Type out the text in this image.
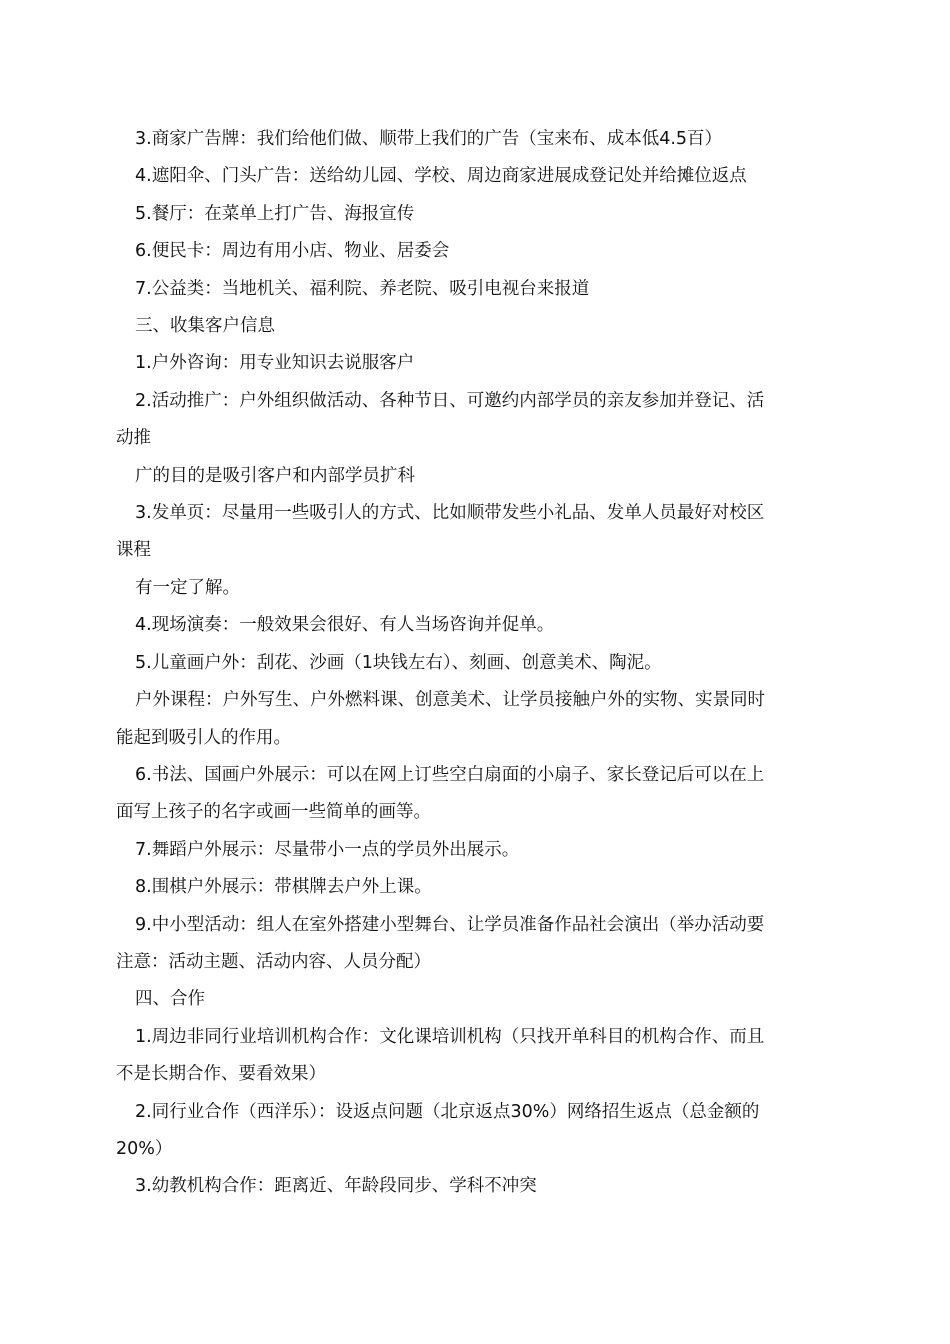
3.商家广告牌：我们给他们做、顺带上我们的广告（宝来布、成本低4.5百）
4.遮阳伞、门头广告：送给幼儿园、学校、周边商家进展成登记处并给摊位返点
5.餐厅：在菜单上打广告、海报宣传
6.便民卡：周边有用小店、物业、居委会
7.公益类：当地机关、福利院、养老院、吸引电视台来报道
三、收集客户信息
1.户外咨询：用专业知识去说服客户
2.活动推广：户外组织做活动、各种节日、可邀约内部学员的亲友参加并登记、活
动推
广的目的是吸引客户和内部学员扩科
3.发单页：尽量用一些吸引人的方式、比如顺带发些小礼品、发单人员最好对校区
课程
有一定了解。
4.现场演奏：一般效果会很好、有人当场咨询并促单。
5.儿童画户外：刮花、沙画（1块钱左右）、刻画、创意美术、陶泥。
户外课程：户外写生、户外燃料课、创意美术、让学员接触户外的实物、实景同时
能起到吸引人的作用。
6.书法、国画户外展示：可以在网上订些空白扇面的小扇子、家长登记后可以在上
面写上孩子的名字或画一些简单的画等。
7.舞蹈户外展示：尽量带小一点的学员外出展示。
8.围棋户外展示：带棋牌去户外上课。
9.中小型活动：组人在室外搭建小型舞台、让学员准备作品社会演出（举办活动要
注意：活动主题、活动内容、人员分配）
四、合作
1.周边非同行业培训机构合作：文化课培训机构（只找开单科目的机构合作、而且
不是长期合作、要看效果）
2.同行业合作（西洋乐）：设返点问题（北京返点30%）网络招生返点（总金额的
20%）
3.幼教机构合作：距离近、年龄段同步、学科不冲突
